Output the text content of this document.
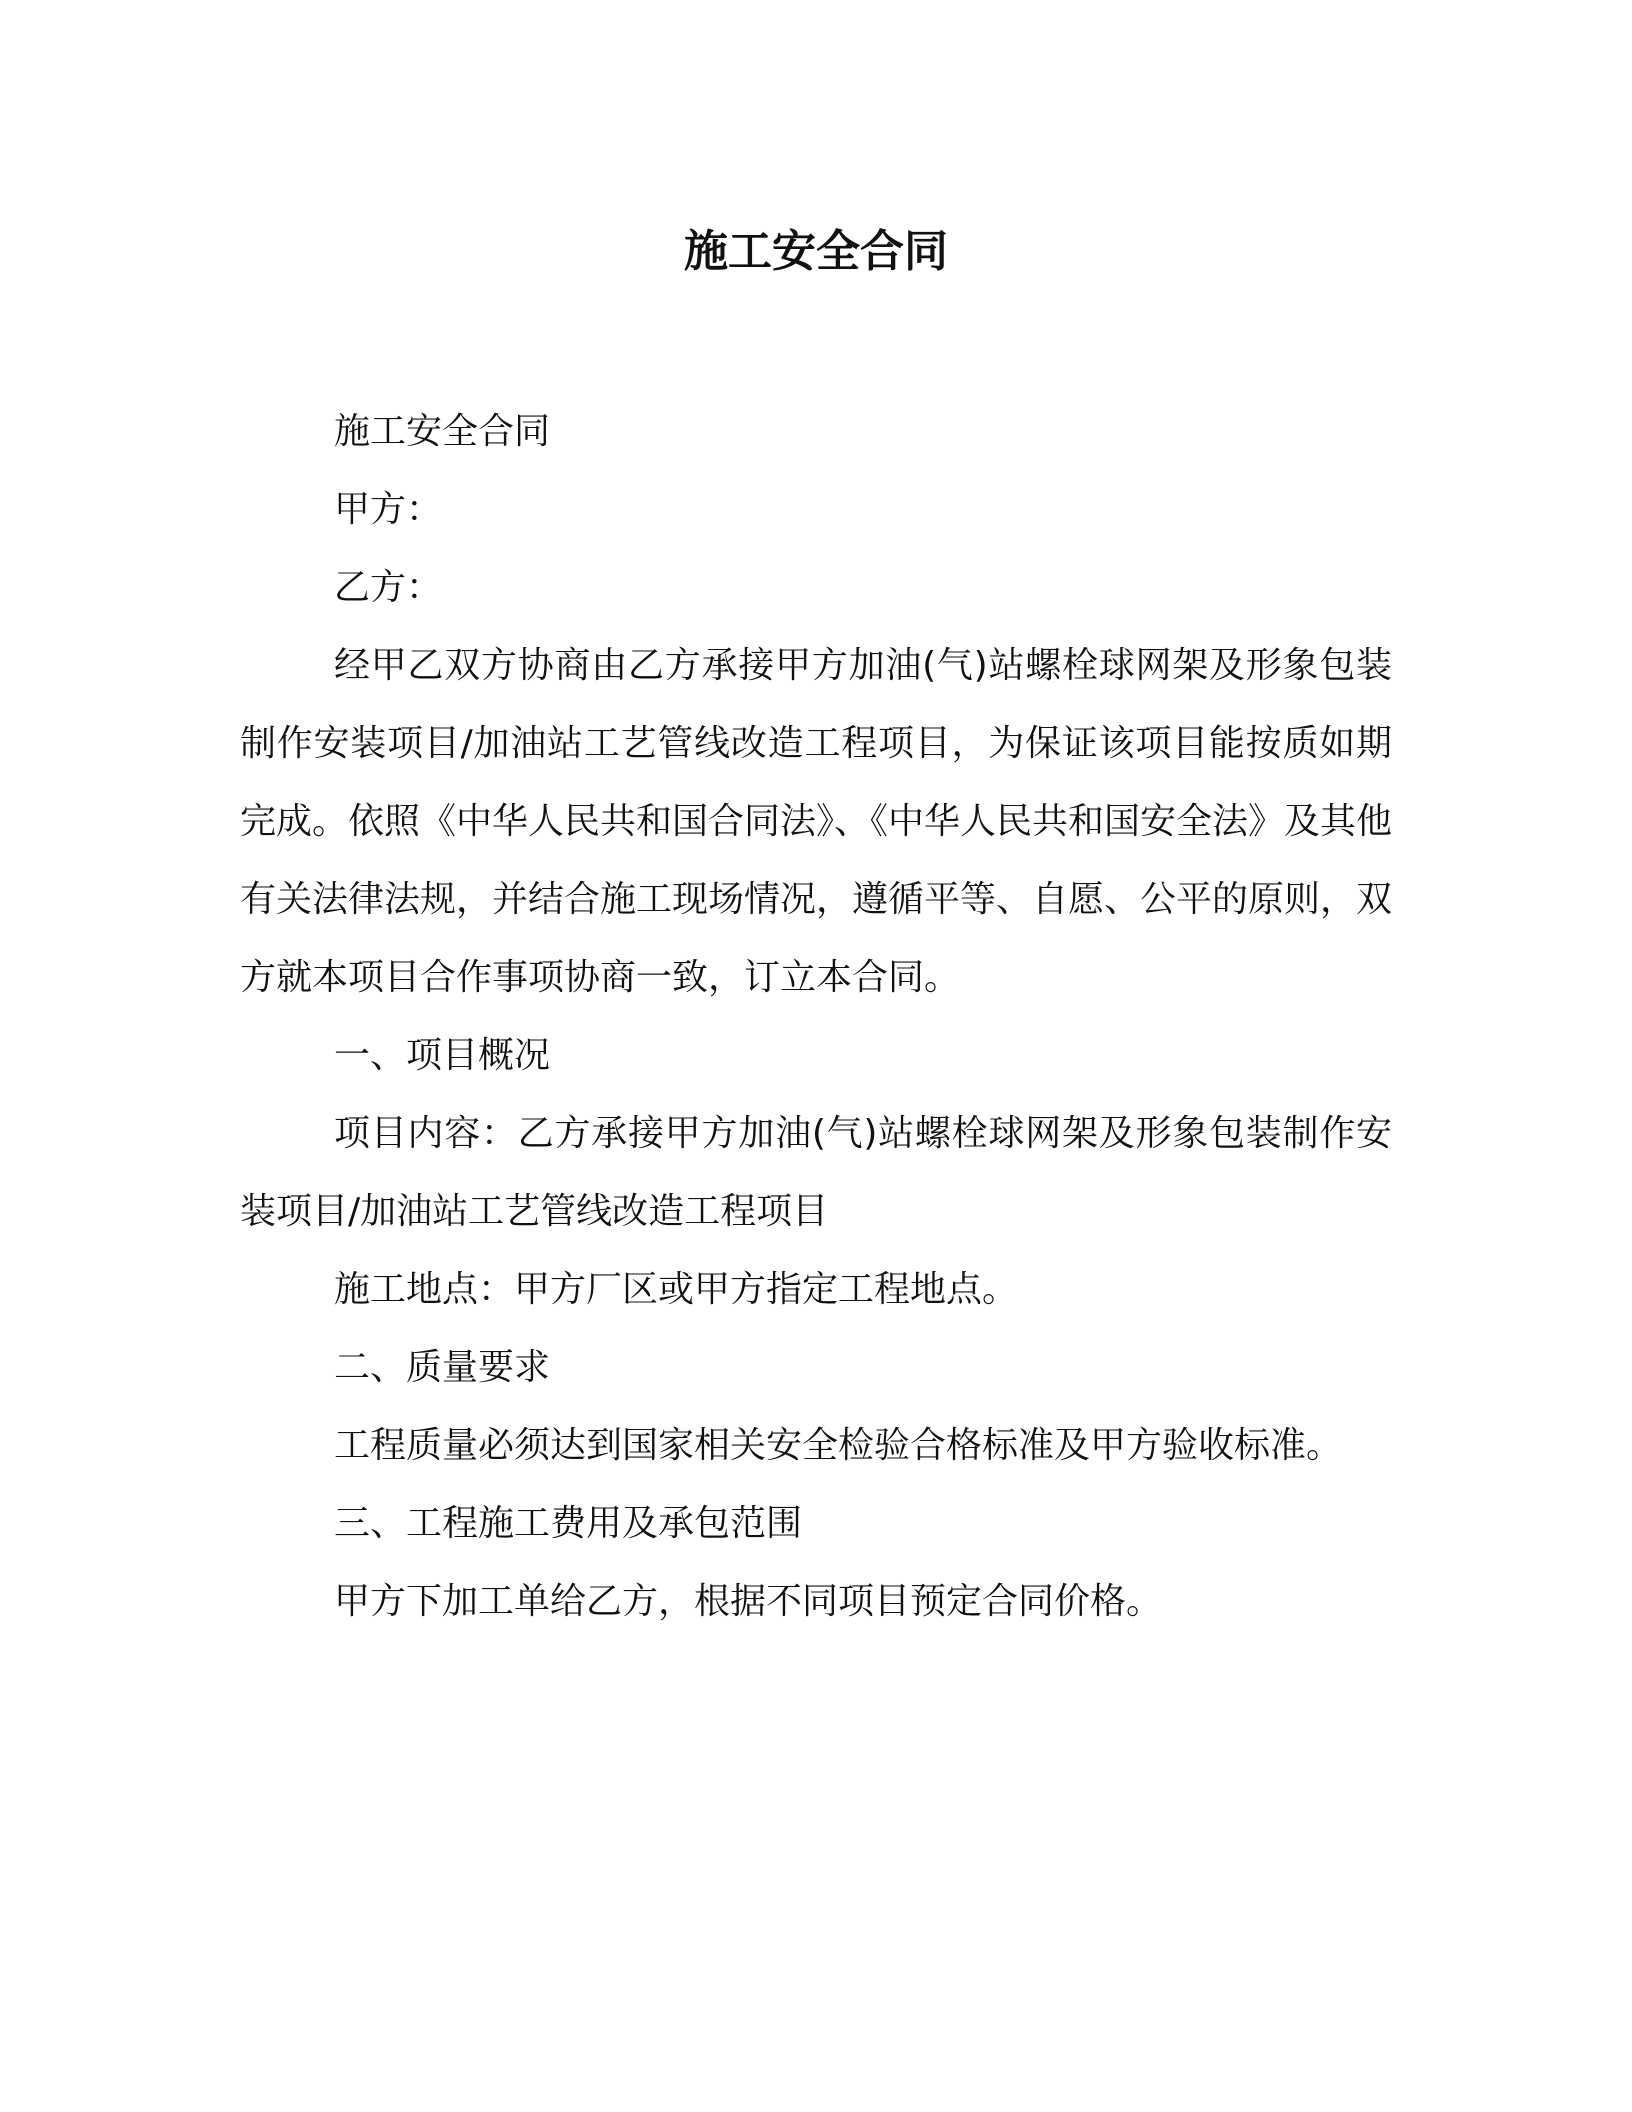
施工安全合同

施工安全合同

甲方：

乙方：

经甲乙双方协商由乙方承接甲方加油(气)站螺栓球网架及形象包装制作安装项目/加油站工艺管线改造工程项目，为保证该项目能按质如期完成。依照《中华人民共和国合同法》、《中华人民共和国安全法》及其他有关法律法规，并结合施工现场情况，遵循平等、自愿、公平的原则，双方就本项目合作事项协商一致，订立本合同。

一、项目概况

项目内容：乙方承接甲方加油(气)站螺栓球网架及形象包装制作安装项目/加油站工艺管线改造工程项目

施工地点：甲方厂区或甲方指定工程地点。

二、质量要求

工程质量必须达到国家相关安全检验合格标准及甲方验收标准。

三、工程施工费用及承包范围

甲方下加工单给乙方，根据不同项目预定合同价格。
